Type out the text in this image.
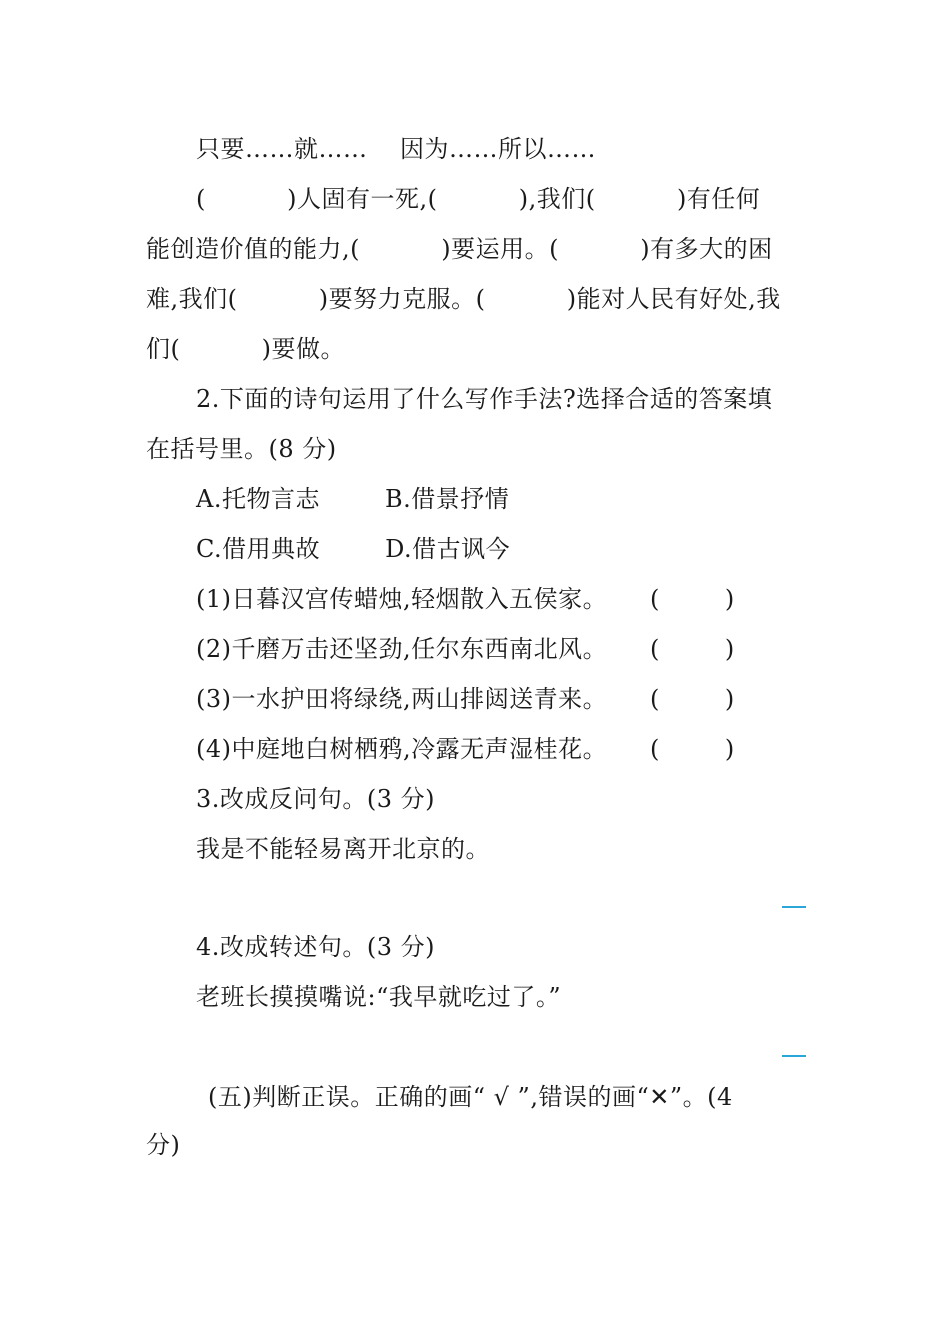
只要……就……    因为……所以……
(          )人固有一死,(          ),我们(          )有任何
能创造价值的能力,(          )要运用。(          )有多大的困
难,我们(          )要努力克服。(          )能对人民有好处,我
们(          )要做。
2.下面的诗句运用了什么写作手法?选择合适的答案填
在括号里。(8 分)
A.托物言志        B.借景抒情
C.借用典故        D.借古讽今
(1)日暮汉宫传蜡烛,轻烟散入五侯家。 (        )
(2)千磨万击还坚劲,任尔东西南北风。 (        )
(3)一水护田将绿绕,两山排闼送青来。 (        )
(4)中庭地白树栖鸦,冷露无声湿桂花。 (        )
3.改成反问句。(3 分)
我是不能轻易离开北京的。
4.改成转述句。(3 分)
老班长摸摸嘴说:“我早就吃过了。”
(五)判断正误。正确的画“ √ ”,错误的画“✕”。(4
分)
